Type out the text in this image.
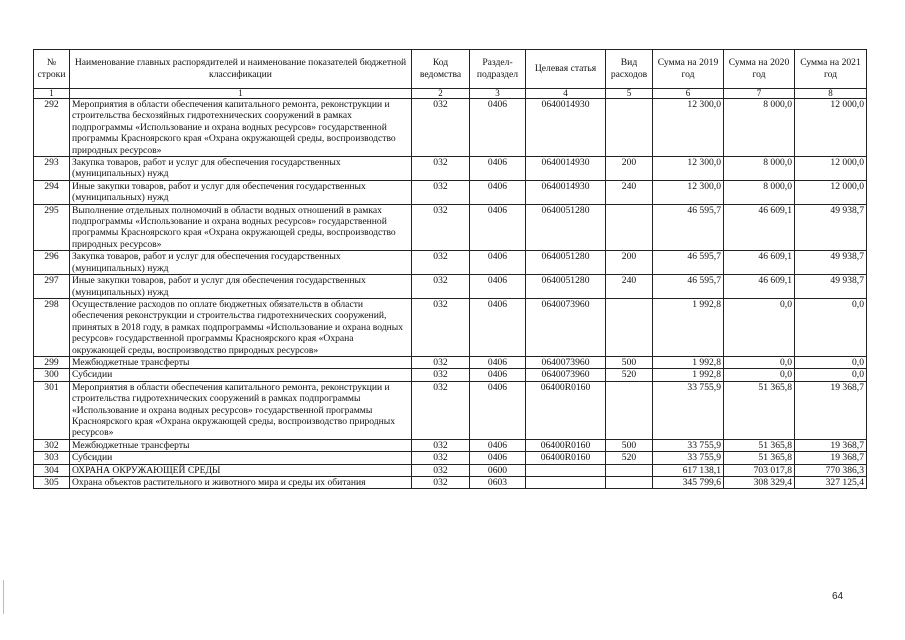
№ строки	Наименование главных распорядителей и наименование показателей бюджетной классификации	Код ведомства	Раздел-подраздел	Целевая статья	Вид расходов	Сумма на 2019 год	Сумма на 2020 год	Сумма на 2021 год
1	1	2	3	4	5	6	7	8
292	Мероприятия в области обеспечения капитального ремонта, реконструкции и строительства бесхозяйных гидротехнических сооружений в рамках подпрограммы «Использование и охрана водных ресурсов» государственной программы Красноярского края «Охрана окружающей среды, воспроизводство природных ресурсов»	032	0406	0640014930		12 300,0	8 000,0	12 000,0
293	Закупка товаров, работ и услуг для обеспечения государственных (муниципальных) нужд	032	0406	0640014930	200	12 300,0	8 000,0	12 000,0
294	Иные закупки товаров, работ и услуг для обеспечения государственных (муниципальных) нужд	032	0406	0640014930	240	12 300,0	8 000,0	12 000,0
295	Выполнение отдельных полномочий в области водных отношений в рамках подпрограммы «Использование и охрана водных ресурсов» государственной программы Красноярского края «Охрана окружающей среды, воспроизводство природных ресурсов»	032	0406	0640051280		46 595,7	46 609,1	49 938,7
296	Закупка товаров, работ и услуг для обеспечения государственных (муниципальных) нужд	032	0406	0640051280	200	46 595,7	46 609,1	49 938,7
297	Иные закупки товаров, работ и услуг для обеспечения государственных (муниципальных) нужд	032	0406	0640051280	240	46 595,7	46 609,1	49 938,7
298	Осуществление расходов по оплате бюджетных обязательств в области обеспечения реконструкции и строительства гидротехнических сооружений, принятых в 2018 году, в рамках подпрограммы «Использование и охрана водных ресурсов» государственной программы Красноярского края «Охрана окружающей среды, воспроизводство природных ресурсов»	032	0406	0640073960		1 992,8	0,0	0,0
299	Межбюджетные трансферты	032	0406	0640073960	500	1 992,8	0,0	0,0
300	Субсидии	032	0406	0640073960	520	1 992,8	0,0	0,0
301	Мероприятия в области обеспечения капитального ремонта, реконструкции и строительства гидротехнических сооружений в рамках подпрограммы «Использование и охрана водных ресурсов» государственной программы Красноярского края «Охрана окружающей среды, воспроизводство природных ресурсов»	032	0406	06400R0160		33 755,9	51 365,8	19 368,7
302	Межбюджетные трансферты	032	0406	06400R0160	500	33 755,9	51 365,8	19 368,7
303	Субсидии	032	0406	06400R0160	520	33 755,9	51 365,8	19 368,7
304	ОХРАНА ОКРУЖАЮЩЕЙ СРЕДЫ	032	0600			617 138,1	703 017,8	770 386,3
305	Охрана объектов растительного и животного мира и среды их обитания	032	0603			345 799,6	308 329,4	327 125,4
64
